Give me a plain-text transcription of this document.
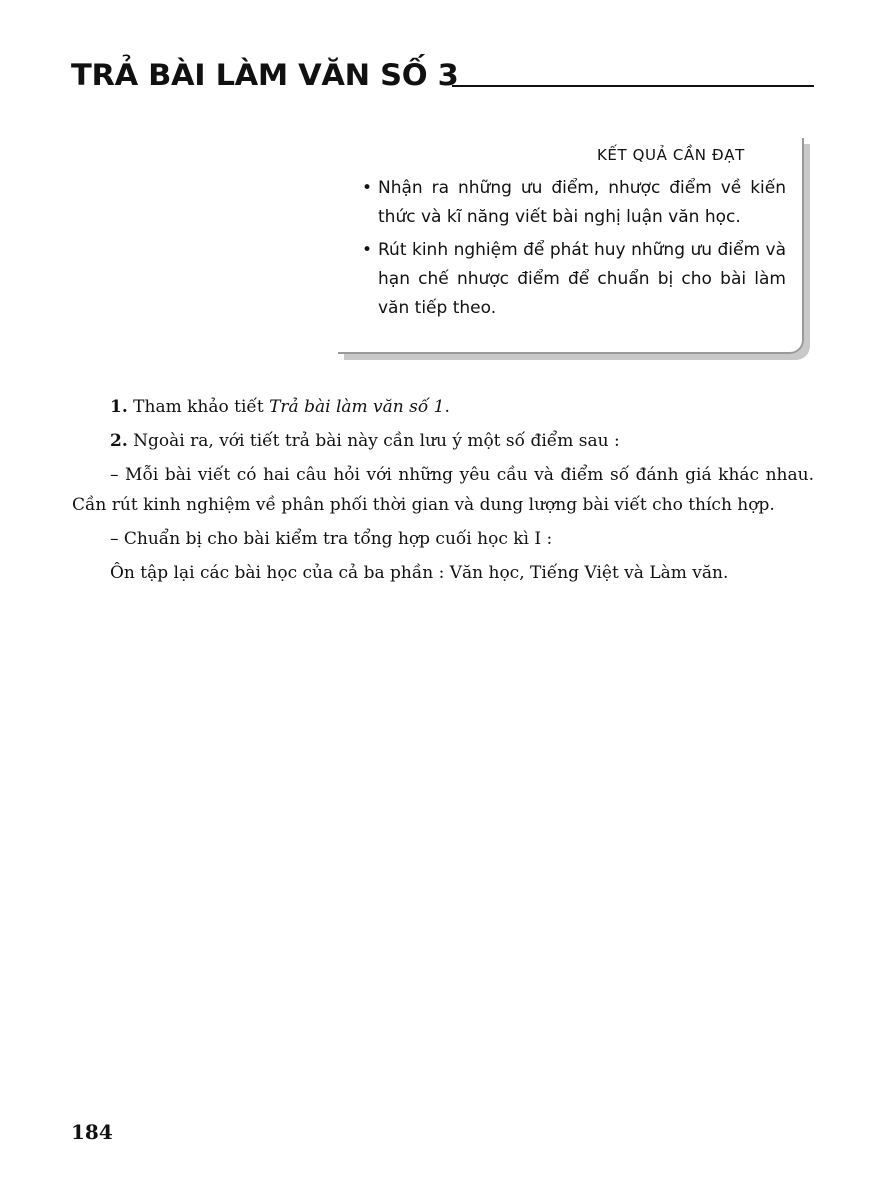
TRẢ BÀI LÀM VĂN SỐ 3
KẾT QUẢ CẦN ĐẠT
• Nhận ra những ưu điểm, nhược điểm về kiến thức và kĩ năng viết bài nghị luận văn học.
• Rút kinh nghiệm để phát huy những ưu điểm và hạn chế nhược điểm để chuẩn bị cho bài làm văn tiếp theo.

1. Tham khảo tiết Trả bài làm văn số 1.

2. Ngoài ra, với tiết trả bài này cần lưu ý một số điểm sau :

– Mỗi bài viết có hai câu hỏi với những yêu cầu và điểm số đánh giá khác nhau. Cần rút kinh nghiệm về phân phối thời gian và dung lượng bài viết cho thích hợp.

– Chuẩn bị cho bài kiểm tra tổng hợp cuối học kì I :

Ôn tập lại các bài học của cả ba phần : Văn học, Tiếng Việt và Làm văn.

184
